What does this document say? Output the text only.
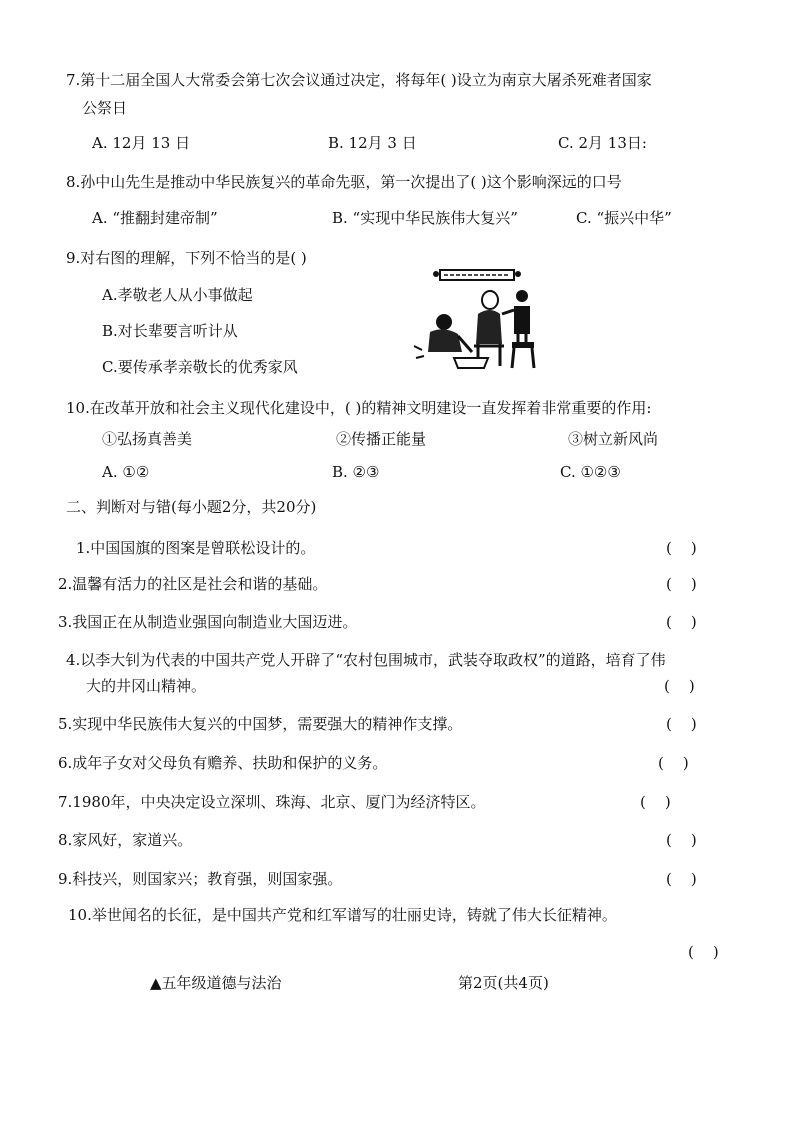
7.第十二届全国人大常委会第七次会议通过决定，将每年( )设立为南京大屠杀死难者国家
公祭日
A. 12月 13 日	B. 12月 3 日	C. 2月 13日:
8.孙中山先生是推动中华民族复兴的革命先驱，第一次提出了( )这个影响深远的口号
A. “推翻封建帝制”	B. “实现中华民族伟大复兴”	C. “振兴中华”
9.对右图的理解，下列不恰当的是( )
A.孝敬老人从小事做起
B.对长辈要言听计从
C.要传承孝亲敬长的优秀家风
10.在改革开放和社会主义现代化建设中，( )的精神文明建设一直发挥着非常重要的作用:
①弘扬真善美	②传播正能量	③树立新风尚
A. ①②	B. ②③	C. ①②③
二、判断对与错(每小题2分，共20分)
1.中国国旗的图案是曾联松设计的。	(    )
2.温馨有活力的社区是社会和谐的基础。	(    )
3.我国正在从制造业强国向制造业大国迈进。	(    )
4.以李大钊为代表的中国共产党人开辟了“农村包围城市，武装夺取政权”的道路，培育了伟
大的井冈山精神。	(    )
5.实现中华民族伟大复兴的中国梦，需要强大的精神作支撑。	(    )
6.成年子女对父母负有赡养、扶助和保护的义务。	(    )
7.1980年，中央决定设立深圳、珠海、北京、厦门为经济特区。	(    )
8.家风好，家道兴。	(    )
9.科技兴，则国家兴；教育强，则国家强。	(    )
10.举世闻名的长征，是中国共产党和红军谱写的壮丽史诗，铸就了伟大长征精神。
(    )
▲五年级道德与法治	第2页(共4页)
